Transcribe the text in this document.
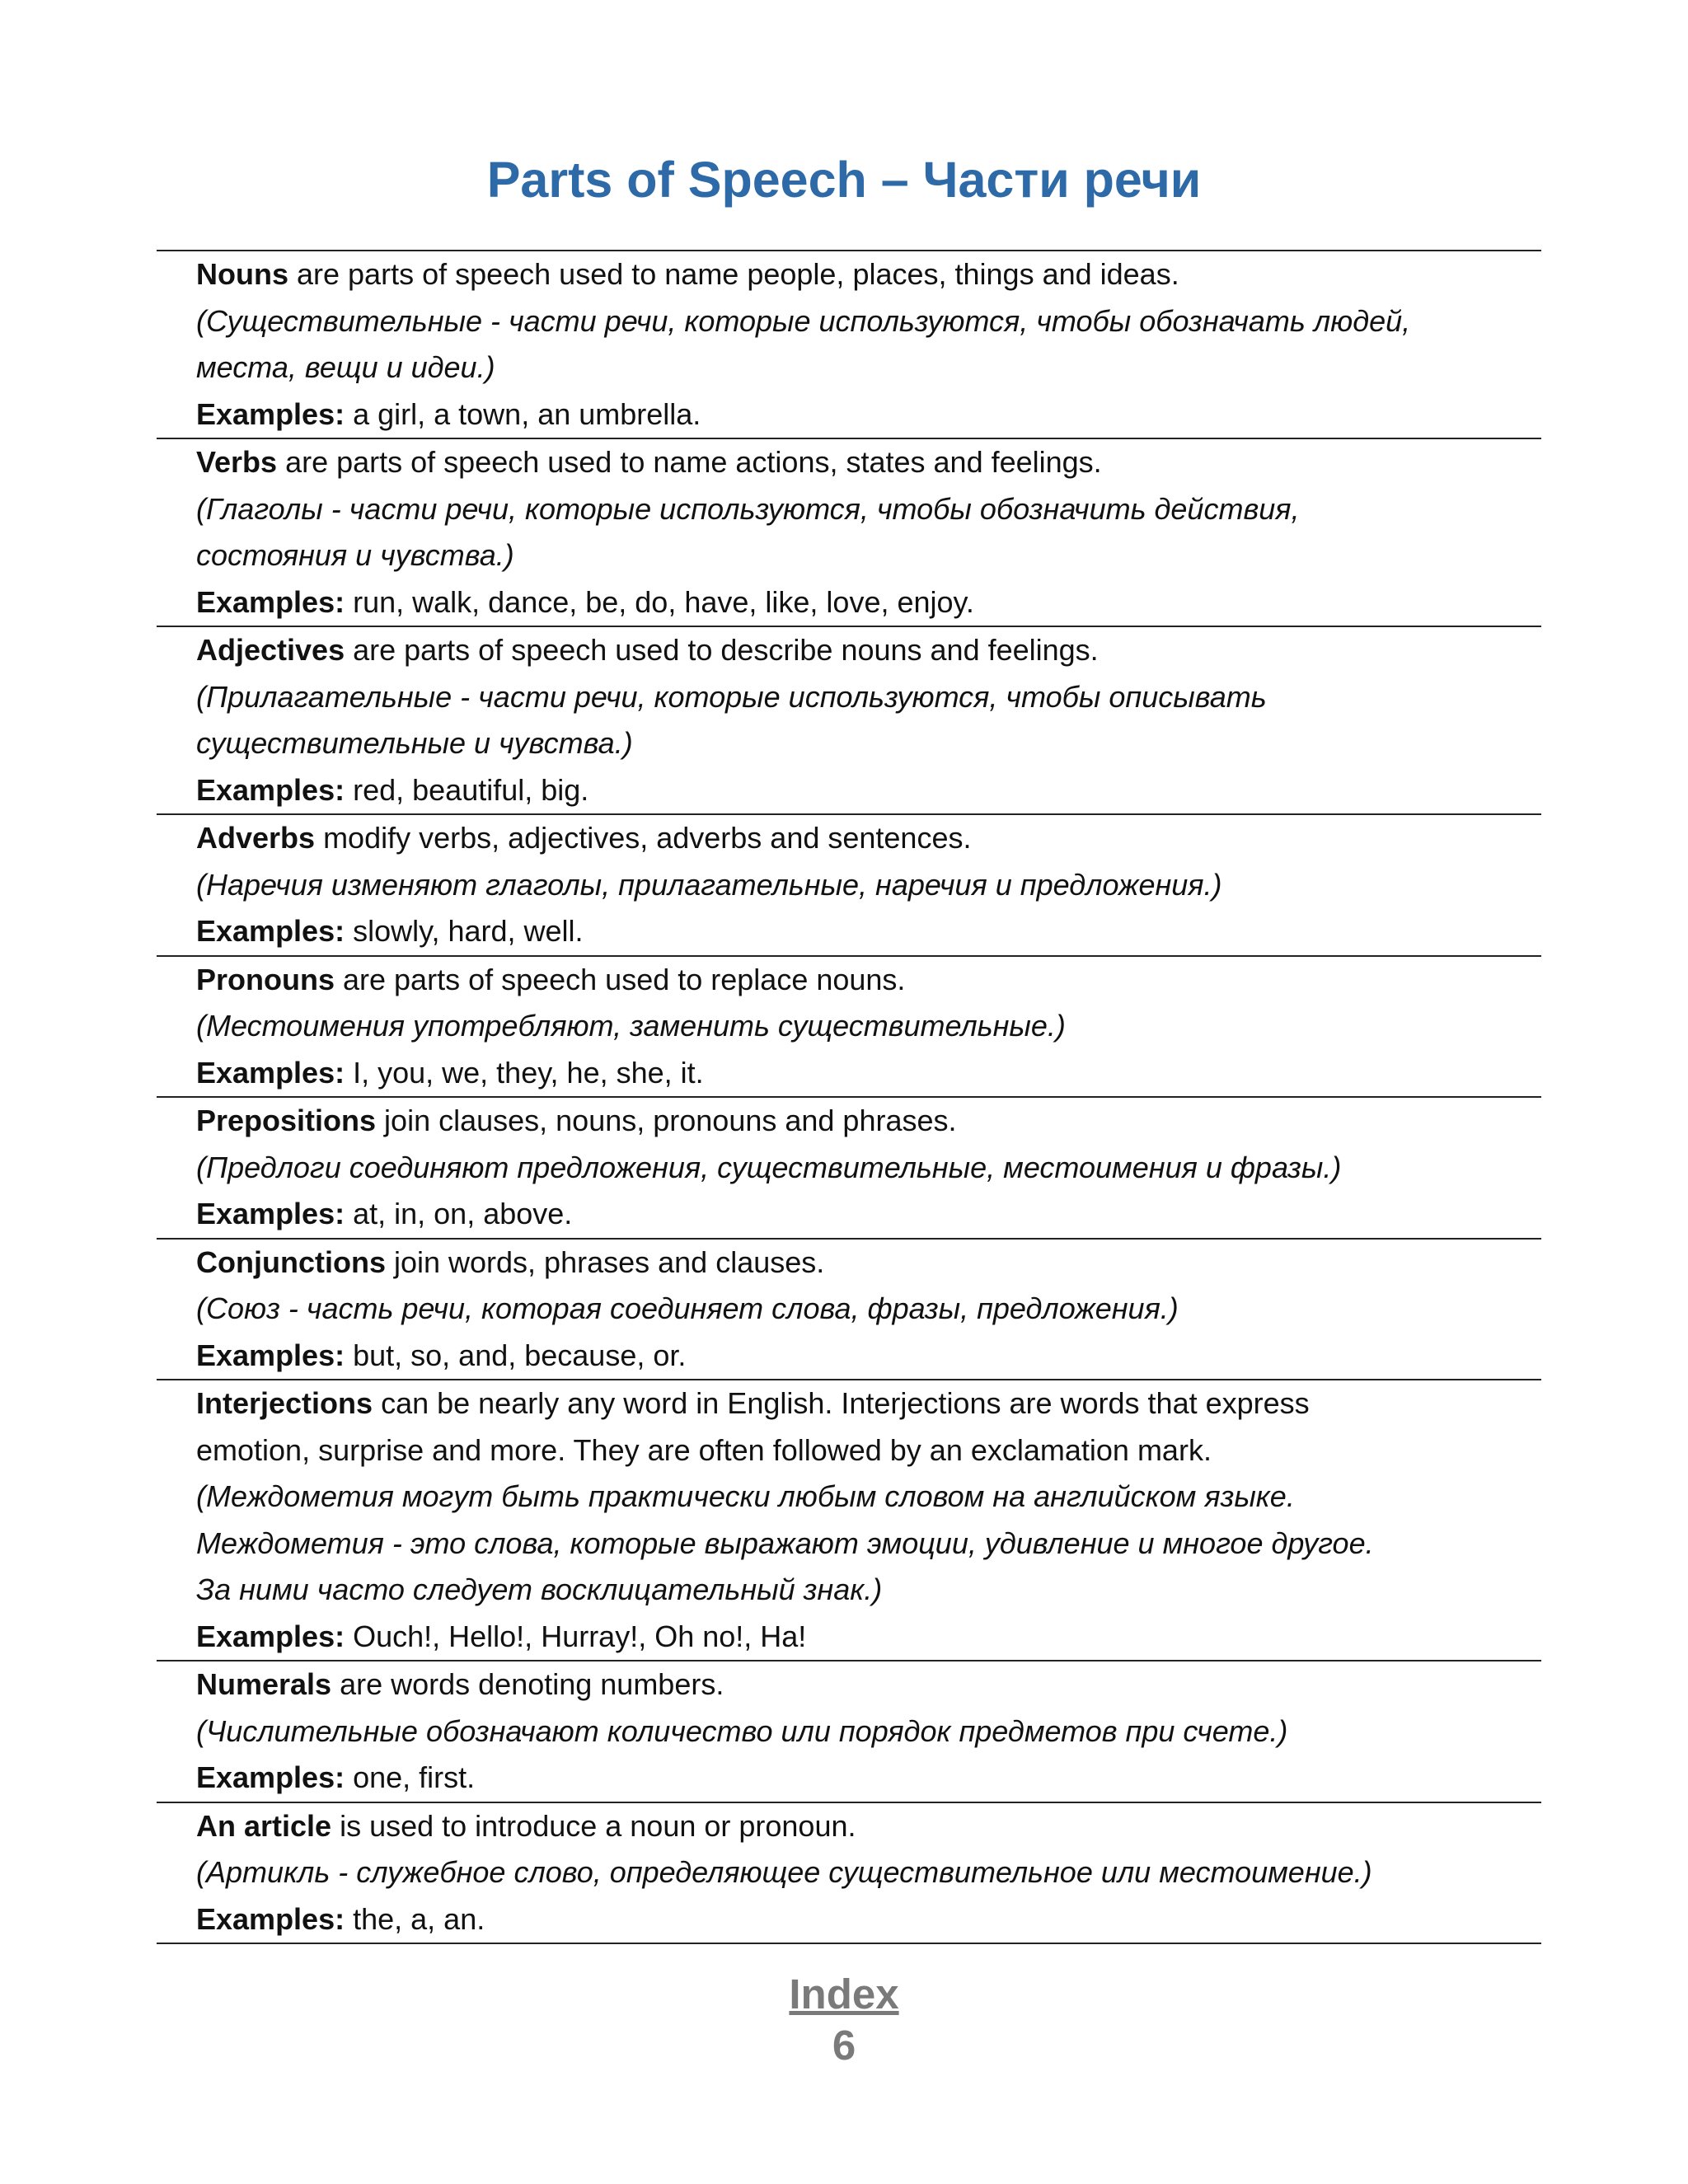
Parts of Speech – Части речи
Nouns are parts of speech used to name people, places, things and ideas.
(Существительные - части речи, которые используются, чтобы обозначать людей,
места, вещи и идеи.)
Examples: a girl, a town, an umbrella.
Verbs are parts of speech used to name actions, states and feelings.
(Глаголы - части речи, которые используются, чтобы обозначить действия,
состояния и чувства.)
Examples: run, walk, dance, be, do, have, like, love, enjoy.
Adjectives are parts of speech used to describe nouns and feelings.
(Прилагательные - части речи, которые используются, чтобы описывать
существительные и чувства.)
Examples: red, beautiful, big.
Adverbs modify verbs, adjectives, adverbs and sentences.
(Наречия изменяют глаголы, прилагательные, наречия и предложения.)
Examples: slowly, hard, well.
Pronouns are parts of speech used to replace nouns.
(Местоимения употребляют, заменить существительные.)
Examples: I, you, we, they, he, she, it.
Prepositions join clauses, nouns, pronouns and phrases.
(Предлоги соединяют предложения, существительные, местоимения и фразы.)
Examples: at, in, on, above.
Conjunctions join words, phrases and clauses.
(Союз - часть речи, которая соединяет слова, фразы, предложения.)
Examples: but, so, and, because, or.
Interjections can be nearly any word in English. Interjections are words that express
emotion, surprise and more. They are often followed by an exclamation mark.
(Междометия могут быть практически любым словом на английском языке.
Междометия - это слова, которые выражают эмоции, удивление и многое другое.
За ними часто следует восклицательный знак.)
Examples: Ouch!, Hello!, Hurray!, Oh no!, Ha!
Numerals are words denoting numbers.
(Числительные обозначают количество или порядок предметов при счете.)
Examples: one, first.
An article is used to introduce a noun or pronoun.
(Артикль - служебное слово, определяющее существительное или местоимение.)
Examples: the, a, an.
Index
6
